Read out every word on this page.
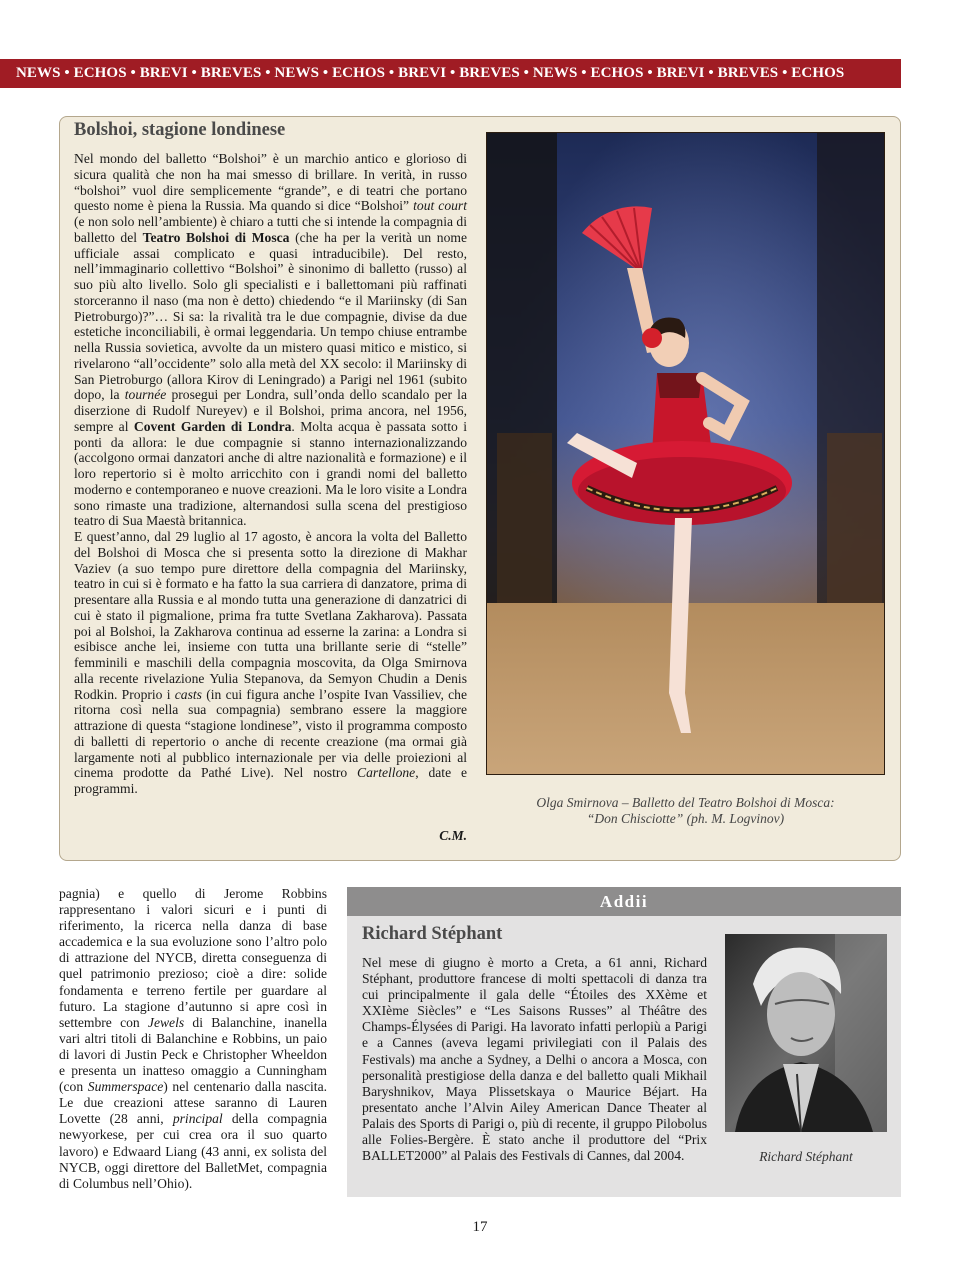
NEWS • ECHOS • BREVI • BREVES • NEWS • ECHOS • BREVI • BREVES • NEWS • ECHOS • BREVI • BREVES • ECHOS
Bolshoi, stagione londinese

Nel mondo del balletto “Bolshoi” è un marchio antico e glorioso di sicura qualità che non ha mai smesso di brillare. In verità, in russo “bolshoi” vuol dire semplicemente “grande”, e di teatri che portano questo nome è piena la Russia. Ma quando si dice “Bolshoi” tout court (e non solo nell’ambiente) è chiaro a tutti che si intende la compagnia di balletto del Teatro Bolshoi di Mosca (che ha per la verità un nome ufficiale assai complicato e quasi intraducibile). Del resto, nell’immaginario collettivo “Bolshoi” è sinonimo di balletto (russo) al suo più alto livello. Solo gli specialisti e i ballettomani più raffinati storceranno il naso (ma non è detto) chiedendo “e il Mariinsky (di San Pietroburgo)?”… Si sa: la rivalità tra le due compagnie, divise da due estetiche inconciliabili, è ormai leggendaria. Un tempo chiuse entrambe nella Russia sovietica, avvolte da un mistero quasi mitico e mistico, si rivelarono “all’occidente” solo alla metà del XX secolo: il Mariinsky di San Pietroburgo (allora Kirov di Leningrado) a Parigi nel 1961 (subito dopo, la tournée prosegui per Londra, sull’onda dello scandalo per la diserzione di Rudolf Nureyev) e il Bolshoi, prima ancora, nel 1956, sempre al Covent Garden di Londra. Molta acqua è passata sotto i ponti da allora: le due compagnie si stanno internazionalizzando (accolgono ormai danzatori anche di altre nazionalità e formazione) e il loro repertorio si è molto arricchito con i grandi nomi del balletto moderno e contemporaneo e nuove creazioni. Ma le loro visite a Londra sono rimaste una tradizione, alternandosi sulla scena del prestigioso teatro di Sua Maestà britannica.

E quest’anno, dal 29 luglio al 17 agosto, è ancora la volta del Balletto del Bolshoi di Mosca che si presenta sotto la direzione di Makhar Vaziev (a suo tempo pure direttore della compagnia del Mariinsky, teatro in cui si è formato e ha fatto la sua carriera di danzatore, prima di presentare alla Russia e al mondo tutta una generazione di danzatrici di cui è stato il pigmalione, prima fra tutte Svetlana Zakharova). Passata poi al Bolshoi, la Zakharova continua ad esserne la zarina: a Londra si esibisce anche lei, insieme con tutta una brillante serie di “stelle” femminili e maschili della compagnia moscovita, da Olga Smirnova alla recente rivelazione Yulia Stepanova, da Semyon Chudin a Denis Rodkin. Proprio i casts (in cui figura anche l’ospite Ivan Vassiliev, che ritorna così nella sua compagnia) sembrano essere la maggiore attrazione di questa “stagione londinese”, visto il programma composto di balletti di repertorio o anche di recente creazione (ma ormai già largamente noti al pubblico internazionale per via delle proiezioni al cinema prodotte da Pathé Live). Nel nostro Cartellone, date e programmi.

C.M.
Olga Smirnova – Balletto del Teatro Bolshoi di Mosca:
“Don Chisciotte” (ph. M. Logvinov)
pagnia) e quello di Jerome Robbins rappresentano i valori sicuri e i punti di riferimento, la ricerca nella danza di base accademica e la sua evoluzione sono l’altro polo di attrazione del NYCB, diretta conseguenza di quel patrimonio prezioso; cioè a dire: solide fondamenta e terreno fertile per guardare al futuro. La stagione d’autunno si apre così in settembre con Jewels di Balanchine, inanella vari altri titoli di Balanchine e Robbins, un paio di lavori di Justin Peck e Christopher Wheeldon e presenta un inatteso omaggio a Cunningham (con Summerspace) nel centenario dalla nascita. Le due creazioni attese saranno di Lauren Lovette (28 anni, principal della compagnia newyorkese, per cui crea ora il suo quarto lavoro) e Edwaard Liang (43 anni, ex solista del NYCB, oggi direttore del BalletMet, compagnia di Columbus nell’Ohio).
Addii
Richard Stéphant
Nel mese di giugno è morto a Creta, a 61 anni, Richard Stéphant, produttore francese di molti spettacoli di danza tra cui principalmente il gala delle “Étoiles des XXème et XXIème Siècles” e “Les Saisons Russes” al Théâtre des Champs-Élysées di Parigi. Ha lavorato infatti perlopiù a Parigi e a Cannes (aveva legami privilegiati con il Palais des Festivals) ma anche a Sydney, a Delhi o ancora a Mosca, con personalità prestigiose della danza e del balletto quali Mikhail Baryshnikov, Maya Plissetskaya o Maurice Béjart. Ha presentato anche l’Alvin Ailey American Dance Theater al Palais des Sports di Parigi o, più di recente, il gruppo Pilobolus alle Folies-Bergère. È stato anche il produttore del “Prix BALLET2000” al Palais des Festivals di Cannes, dal 2004.	Richard Stéphant
17
